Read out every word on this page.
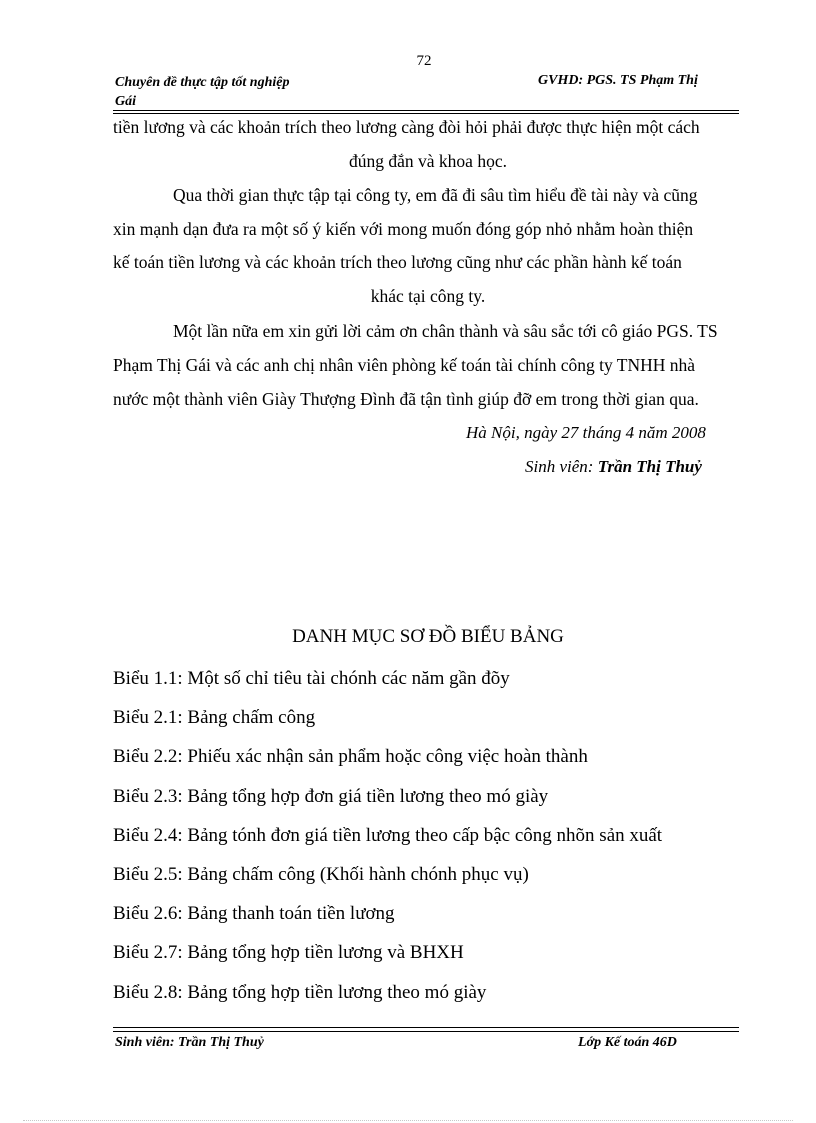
72
Chuyên đề thực tập tốt nghiệp
Gái
GVHD: PGS. TS Phạm Thị
tiền lương và các khoản trích theo lương càng đòi hỏi phải được thực hiện một cách
đúng đắn và khoa học.
Qua thời gian thực tập tại công ty, em đã đi sâu tìm hiểu đề tài này và cũng
xin mạnh dạn đưa ra một số ý kiến với mong muốn đóng góp nhỏ nhằm hoàn thiện
kế toán tiền lương và các khoản trích theo lương cũng như các phần hành kế toán
khác tại công ty.
Một lần nữa em xin gửi lời cảm ơn chân thành và sâu sắc tới cô giáo PGS. TS
Phạm Thị Gái và các anh chị nhân viên phòng kế toán tài chính công ty TNHH nhà
nước một thành viên Giày Thượng Đình đã tận tình giúp đỡ em trong thời gian qua.
Hà Nội, ngày 27 tháng 4 năm 2008
Sinh viên: Trần Thị Thuỷ
DANH MỤC SƠ ĐỒ BIỂU BẢNG
Biểu 1.1: Một số chỉ tiêu tài chónh các năm gần đõy
Biểu 2.1: Bảng chấm công
Biểu 2.2: Phiếu xác nhận sản phẩm hoặc công việc hoàn thành
Biểu 2.3: Bảng tổng hợp đơn giá tiền lương theo mó giày
Biểu 2.4: Bảng tónh đơn giá tiền lương theo cấp bậc công nhõn sản xuất
Biểu 2.5: Bảng chấm công (Khối hành chónh phục vụ)
Biểu 2.6: Bảng thanh toán tiền lương
Biểu 2.7: Bảng tổng hợp tiền lương và BHXH
Biểu 2.8: Bảng tổng hợp tiền lương theo mó giày
Sinh viên: Trần Thị Thuỷ	Lớp Kế toán 46D
